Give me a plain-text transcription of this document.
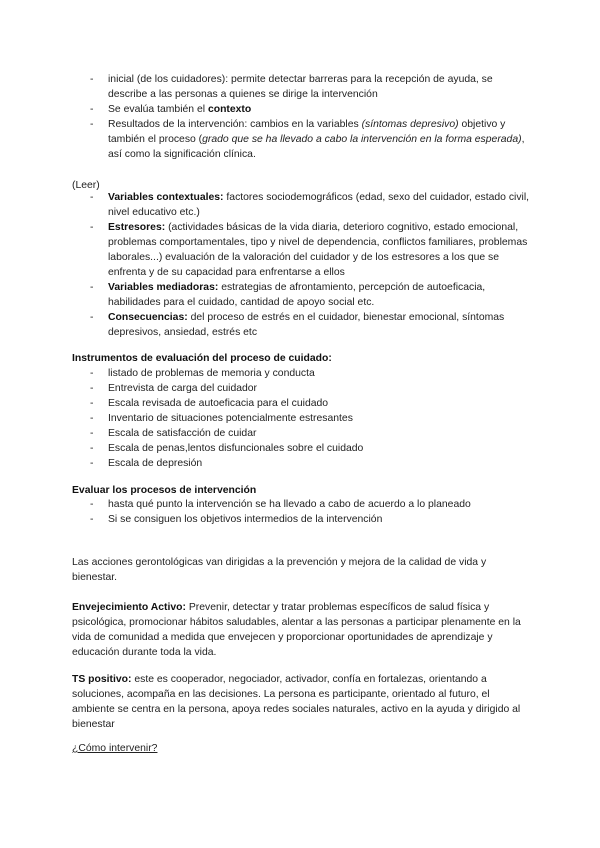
- inicial (de los cuidadores): permite detectar barreras para la recepción de ayuda, se describe a las personas a quienes se dirige la intervención
- Se evalúa también el contexto
- Resultados de la intervención: cambios en la variables (síntomas depresivo) objetivo y también el proceso (grado que se ha llevado a cabo la intervención en la forma esperada), así como la significación clínica.

(Leer)

- Variables contextuales: factores sociodemográficos (edad, sexo del cuidador, estado civil, nivel educativo etc.)
- Estresores: (actividades básicas de la vida diaria, deterioro cognitivo, estado emocional, problemas comportamentales, tipo y nivel de dependencia, conflictos familiares, problemas laborales...) evaluación de la valoración del cuidador y de los estresores a los que se enfrenta y de su capacidad para enfrentarse a ellos
- Variables mediadoras: estrategias de afrontamiento, percepción de autoeficacia, habilidades para el cuidado, cantidad de apoyo social etc.
- Consecuencias: del proceso de estrés en el cuidador, bienestar emocional, síntomas depresivos, ansiedad, estrés etc

Instrumentos de evaluación del proceso de cuidado:

- listado de problemas de memoria y conducta
- Entrevista de carga del cuidador
- Escala revisada de autoeficacia para el cuidado
- Inventario de situaciones potencialmente estresantes
- Escala de satisfacción de cuidar
- Escala de penas,lentos disfuncionales sobre el cuidado
- Escala de depresión

Evaluar los procesos de intervención

- hasta qué punto la intervención se ha llevado a cabo de acuerdo a lo planeado
- Si se consiguen los objetivos intermedios de la intervención

Las acciones gerontológicas van dirigidas a la prevención y mejora de la calidad de vida y bienestar.

Envejecimiento Activo: Prevenir, detectar y tratar problemas específicos de salud física y psicológica, promocionar hábitos saludables, alentar a las personas a participar plenamente en la vida de comunidad a medida que envejecen y proporcionar oportunidades de aprendizaje y educación durante toda la vida.

TS positivo: este es cooperador, negociador, activador, confía en fortalezas, orientando a soluciones, acompaña en las decisiones. La persona es participante, orientado al futuro, el ambiente se centra en la persona, apoya redes sociales naturales, activo en la ayuda y dirigido al bienestar

¿Cómo intervenir?
